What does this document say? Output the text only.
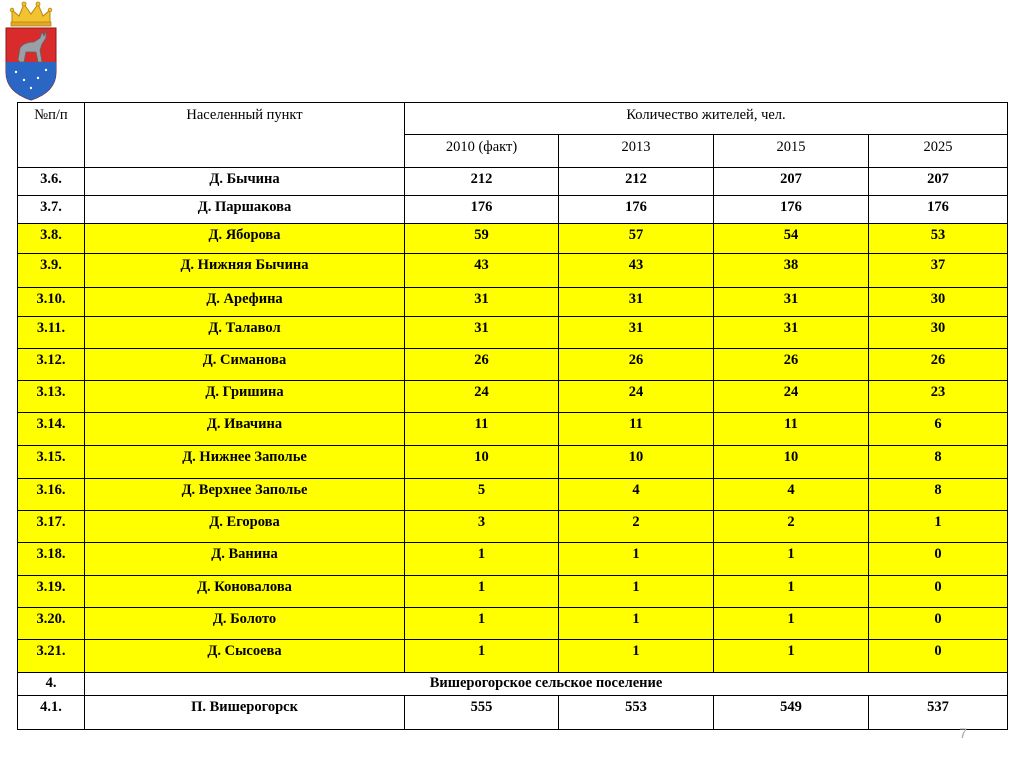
№п/п	Населенный пункт	Количество жителей, чел.			
		2010 (факт)	2013	2015	2025
3.6.	Д. Бычина	212	212	207	207
3.7.	Д. Паршакова	176	176	176	176
3.8.	Д. Яборова	59	57	54	53
3.9.	Д. Нижняя Бычина	43	43	38	37
3.10.	Д. Арефина	31	31	31	30
3.11.	Д. Талавол	31	31	31	30
3.12.	Д. Симанова	26	26	26	26
3.13.	Д. Гришина	24	24	24	23
3.14.	Д. Ивачина	11	11	11	6
3.15.	Д. Нижнее Заполье	10	10	10	8
3.16.	Д. Верхнее Заполье	5	4	4	8
3.17.	Д. Егорова	3	2	2	1
3.18.	Д. Ванина	1	1	1	0
3.19.	Д. Коноваловa	1	1	1	0
3.20.	Д. Болото	1	1	1	0
3.21.	Д. Сысоева	1	1	1	0
4.	Вишерогорское сельское поселение				
4.1.	П. Вишерогорск	555	553	549	537
7
